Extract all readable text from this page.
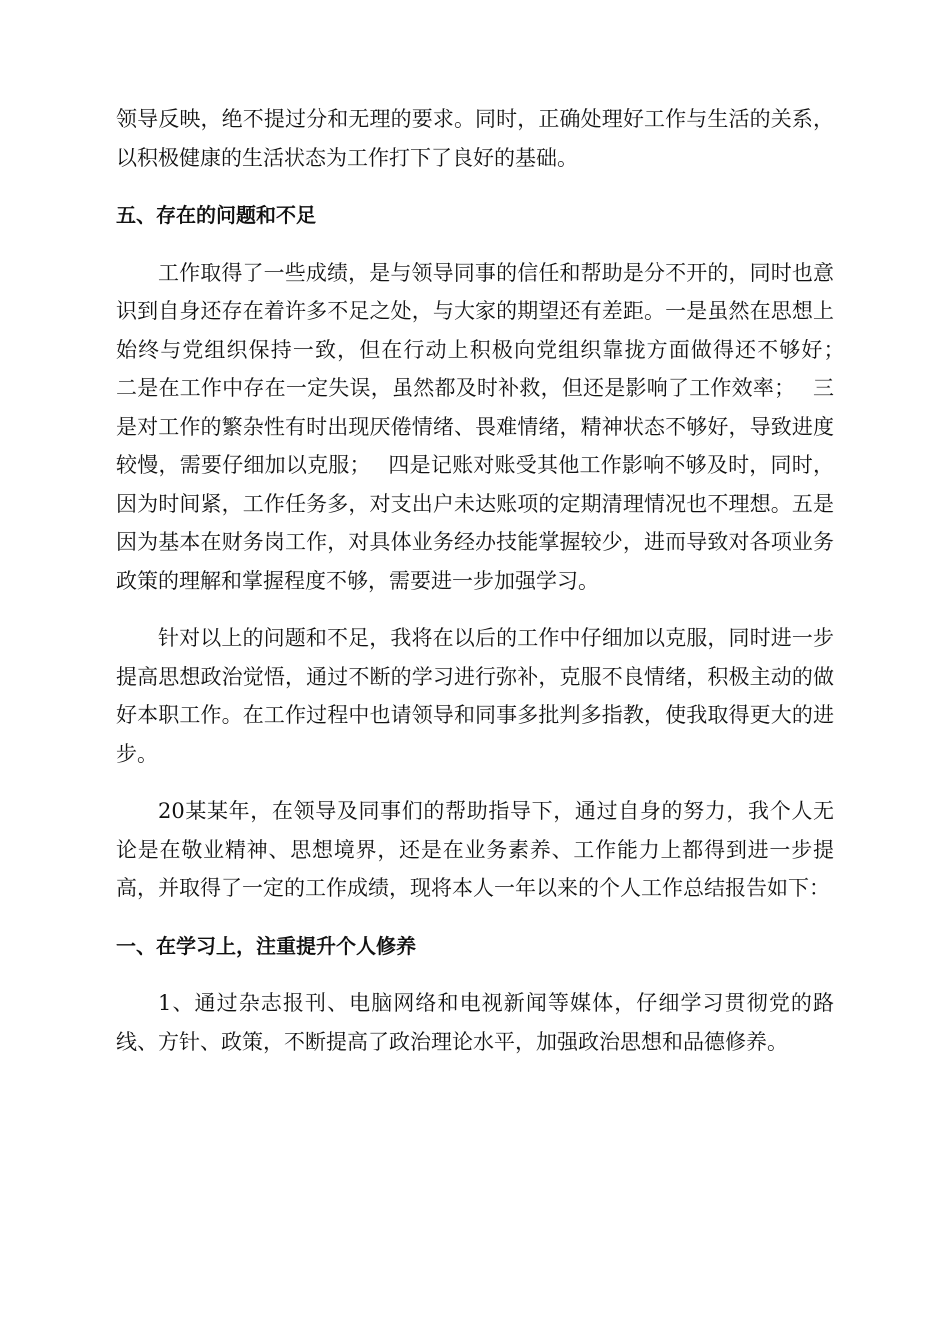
领导反映，绝不提过分和无理的要求。同时，正确处理好工作与生活的关系，以积极健康的生活状态为工作打下了良好的基础。

五、存在的问题和不足

工作取得了一些成绩，是与领导同事的信任和帮助是分不开的，同时也意识到自身还存在着许多不足之处，与大家的期望还有差距。一是虽然在思想上始终与党组织保持一致，但在行动上积极向党组织靠拢方面做得还不够好；　 二是在工作中存在一定失误，虽然都及时补救，但还是影响了工作效率；　 三是对工作的繁杂性有时出现厌倦情绪、畏难情绪，精神状态不够好，导致进度较慢，需要仔细加以克服；　 四是记账对账受其他工作影响不够及时，同时，因为时间紧，工作任务多，对支出户未达账项的定期清理情况也不理想。五是因为基本在财务岗工作，对具体业务经办技能掌握较少，进而导致对各项业务政策的理解和掌握程度不够，需要进一步加强学习。

针对以上的问题和不足，我将在以后的工作中仔细加以克服，同时进一步提高思想政治觉悟，通过不断的学习进行弥补，克服不良情绪，积极主动的做好本职工作。在工作过程中也请领导和同事多批判多指教，使我取得更大的进步。

20某某年，在领导及同事们的帮助指导下，通过自身的努力，我个人无论是在敬业精神、思想境界，还是在业务素养、工作能力上都得到进一步提高，并取得了一定的工作成绩，现将本人一年以来的个人工作总结报告如下：

一、在学习上，注重提升个人修养

1、通过杂志报刊、电脑网络和电视新闻等媒体，仔细学习贯彻党的路线、方针、政策，不断提高了政治理论水平，加强政治思想和品德修养。
